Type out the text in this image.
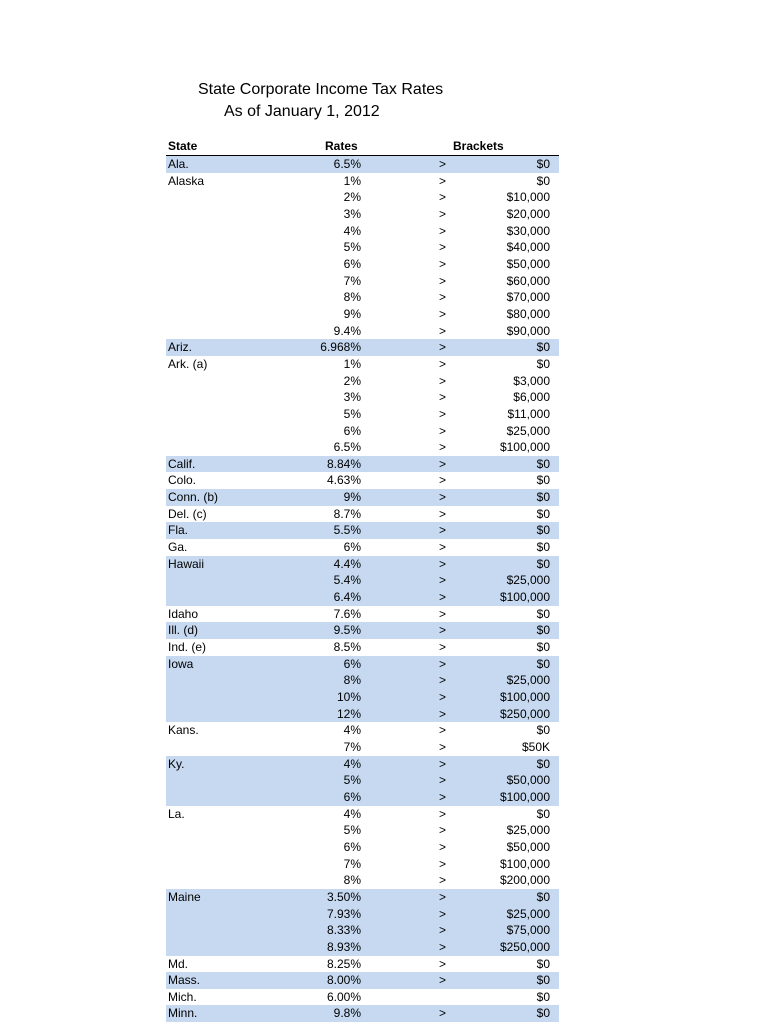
State Corporate Income Tax Rates
As of January 1, 2012
State	Rates	Brackets
Ala.	6.5%	>	$0
Alaska	1%	>	$0
2%	>	$10,000
3%	>	$20,000
4%	>	$30,000
5%	>	$40,000
6%	>	$50,000
7%	>	$60,000
8%	>	$70,000
9%	>	$80,000
9.4%	>	$90,000
Ariz.	6.968%	>	$0
Ark. (a)	1%	>	$0
2%	>	$3,000
3%	>	$6,000
5%	>	$11,000
6%	>	$25,000
6.5%	>	$100,000
Calif.	8.84%	>	$0
Colo.	4.63%	>	$0
Conn. (b)	9%	>	$0
Del. (c)	8.7%	>	$0
Fla.	5.5%	>	$0
Ga.	6%	>	$0
Hawaii	4.4%	>	$0
5.4%	>	$25,000
6.4%	>	$100,000
Idaho	7.6%	>	$0
Ill. (d)	9.5%	>	$0
Ind. (e)	8.5%	>	$0
Iowa	6%	>	$0
8%	>	$25,000
10%	>	$100,000
12%	>	$250,000
Kans.	4%	>	$0
7%	>	$50K
Ky.	4%	>	$0
5%	>	$50,000
6%	>	$100,000
La.	4%	>	$0
5%	>	$25,000
6%	>	$50,000
7%	>	$100,000
8%	>	$200,000
Maine	3.50%	>	$0
7.93%	>	$25,000
8.33%	>	$75,000
8.93%	>	$250,000
Md.	8.25%	>	$0
Mass.	8.00%	>	$0
Mich.	6.00%	$0
Minn.	9.8%	>	$0
